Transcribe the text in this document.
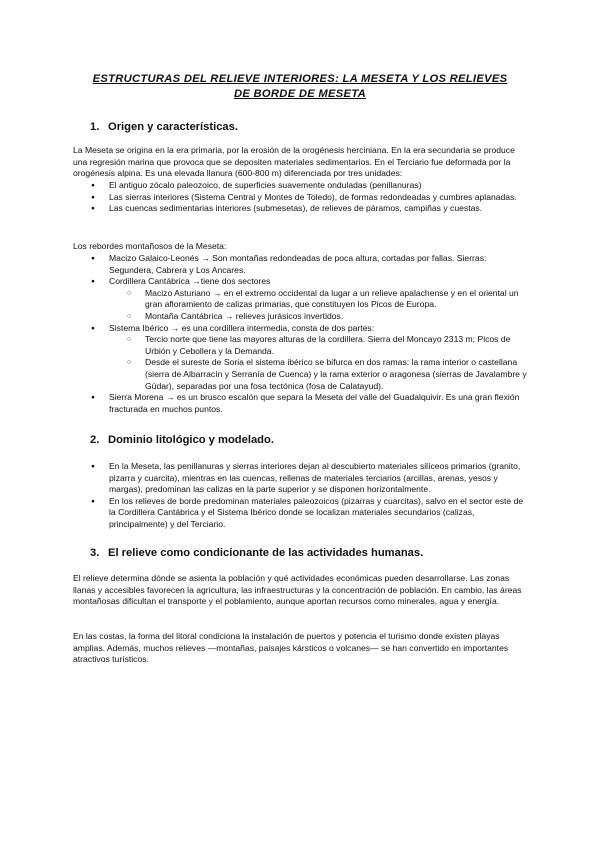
ESTRUCTURAS DEL RELIEVE INTERIORES: LA MESETA Y LOS RELIEVES
DE BORDE DE MESETA
1. Origen y características.

La Meseta se origina en la era primaria, por la erosión de la orogénesis herciniana. En la era secundaria se produce una regresión marina que provoca que se depositen materiales sedimentarios. En el Terciario fue deformada por la orogénesis alpina. Es una elevada llanura (600-800 m) diferenciada por tres unidades:

● El antiguo zócalo paleozoico, de superficies suavemente onduladas (penillanuras)
● Las sierras interiores (Sistema Central y Montes de Toledo), de formas redondeadas y cumbres aplanadas.
● Las cuencas sedimentarias interiores (submesetas), de relieves de páramos, campiñas y cuestas.

Los rebordes montañosos de la Meseta:

● Macizo Galaico-Leonés → Son montañas redondeadas de poca altura, cortadas por fallas. Sierras: Segundera, Cabrera y Los Ancares.
● Cordillera Cantábrica →tiene dos sectores
○ Macizo Asturiano → en el extremo occidental da lugar a un relieve apalachense y en el oriental un gran afloramiento de calizas primarias, que constituyen los Picos de Europa.
○ Montaña Cantábrica → relieves jurásicos invertidos.
● Sistema Ibérico → es una cordillera intermedia, consta de dos partes:
○ Tercio norte que tiene las mayores alturas de la cordillera. Sierra del Moncayo 2313 m; Picos de Urbión y Cebollera y la Demanda.
○ Desde el sureste de Soria el sistema ibérico se bifurca en dos ramas: la rama interior o castellana (sierra de Albarracín y Serranía de Cuenca) y la rama exterior o aragonesa (sierras de Javalambre y Gúdar), separadas por una fosa tectónica (fosa de Calatayud).
● Sierra Morena → es un brusco escalón que separa la Meseta del valle del Guadalquivir. Es una gran flexión fracturada en muchos puntos.
2. Dominio litológico y modelado.
● En la Meseta, las penillanuras y sierras interiores dejan al descubierto materiales silíceos primarios (granito, pizarra y cuarcita), mientras en las cuencas, rellenas de materiales terciarios (arcillas, arenas, yesos y margas), predominan las calizas en la parte superior y se disponen horizontalmente.
● En los relieves de borde predominan materiales paleozoicos (pizarras y cuarcitas), salvo en el sector este de la Cordillera Cantábrica y el Sistema Ibérico donde se localizan materiales secundarios (calizas, principalmente) y del Terciario.
3. El relieve como condicionante de las actividades humanas.

El relieve determina dónde se asienta la población y qué actividades económicas pueden desarrollarse. Las zonas llanas y accesibles favorecen la agricultura, las infraestructuras y la concentración de población. En cambio, las áreas montañosas dificultan el transporte y el poblamiento, aunque aportan recursos como minerales, agua y energía.

En las costas, la forma del litoral condiciona la instalación de puertos y potencia el turismo donde existen playas amplias. Además, muchos relieves —montañas, paisajes kársticos o volcanes— se han convertido en importantes atractivos turísticos.
